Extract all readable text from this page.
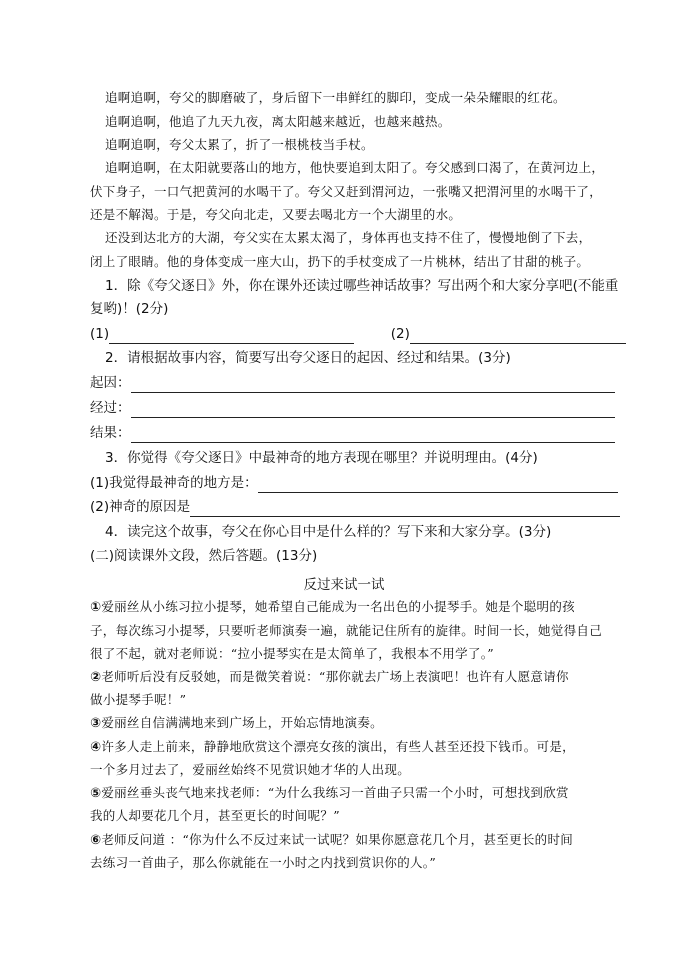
追啊追啊，夸父的脚磨破了，身后留下一串鲜红的脚印，变成一朵朵耀眼的红花。
追啊追啊，他追了九天九夜，离太阳越来越近，也越来越热。
追啊追啊，夸父太累了，折了一根桃枝当手杖。
追啊追啊，在太阳就要落山的地方，他快要追到太阳了。夸父感到口渴了，在黄河边上，
伏下身子，一口气把黄河的水喝干了。夸父又赶到渭河边，一张嘴又把渭河里的水喝干了，
还是不解渴。于是，夸父向北走，又要去喝北方一个大湖里的水。
还没到达北方的大湖，夸父实在太累太渴了，身体再也支持不住了，慢慢地倒了下去，
闭上了眼睛。他的身体变成一座大山，扔下的手杖变成了一片桃林，结出了甘甜的桃子。
1．除《夸父逐日》外，你在课外还读过哪些神话故事？写出两个和大家分享吧(不能重
复哟)！(2分)
(1)	(2)
2．请根据故事内容，简要写出夸父逐日的起因、经过和结果。(3分)
起因：
经过：
结果：
3．你觉得《夸父逐日》中最神奇的地方表现在哪里？并说明理由。(4分)
(1)我觉得最神奇的地方是：
(2)神奇的原因是
4．读完这个故事，夸父在你心目中是什么样的？写下来和大家分享。(3分)
(二)阅读课外文段，然后答题。(13分)
反过来试一试
①爱丽丝从小练习拉小提琴，她希望自己能成为一名出色的小提琴手。她是个聪明的孩
子，每次练习小提琴，只要听老师演奏一遍，就能记住所有的旋律。时间一长，她觉得自己
很了不起，就对老师说：“拉小提琴实在是太简单了，我根本不用学了。”
②老师听后没有反驳她，而是微笑着说：“那你就去广场上表演吧！也许有人愿意请你
做小提琴手呢！”
③爱丽丝自信满满地来到广场上，开始忘情地演奏。
④许多人走上前来，静静地欣赏这个漂亮女孩的演出，有些人甚至还投下钱币。可是，
一个多月过去了，爱丽丝始终不见赏识她才华的人出现。
⑤爱丽丝垂头丧气地来找老师：“为什么我练习一首曲子只需一个小时，可想找到欣赏
我的人却要花几个月，甚至更长的时间呢？”
⑥老师反问道 ：“你为什么不反过来试一试呢？如果你愿意花几个月，甚至更长的时间
去练习一首曲子，那么你就能在一小时之内找到赏识你的人。”
